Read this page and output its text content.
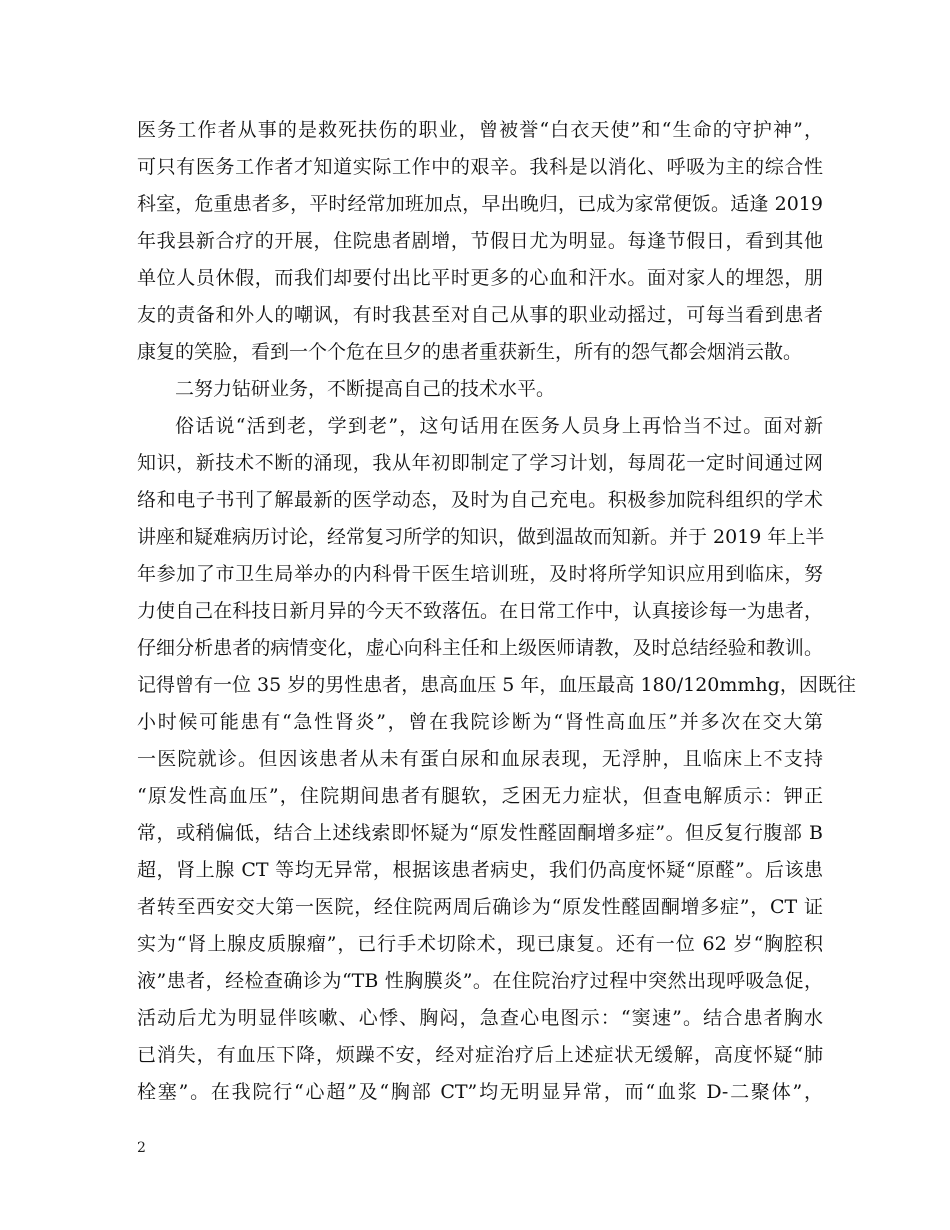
医务工作者从事的是救死扶伤的职业，曾被誉“白衣天使”和“生命的守护神”，
可只有医务工作者才知道实际工作中的艰辛。我科是以消化、呼吸为主的综合性
科室，危重患者多，平时经常加班加点，早出晚归，已成为家常便饭。适逢 2019
年我县新合疗的开展，住院患者剧增，节假日尤为明显。每逢节假日，看到其他
单位人员休假，而我们却要付出比平时更多的心血和汗水。面对家人的埋怨，朋
友的责备和外人的嘲讽，有时我甚至对自己从事的职业动摇过，可每当看到患者
康复的笑脸，看到一个个危在旦夕的患者重获新生，所有的怨气都会烟消云散。
二努力钻研业务，不断提高自己的技术水平。
俗话说“活到老，学到老”，这句话用在医务人员身上再恰当不过。面对新
知识，新技术不断的涌现，我从年初即制定了学习计划，每周花一定时间通过网
络和电子书刊了解最新的医学动态，及时为自己充电。积极参加院科组织的学术
讲座和疑难病历讨论，经常复习所学的知识，做到温故而知新。并于 2019 年上半
年参加了市卫生局举办的内科骨干医生培训班，及时将所学知识应用到临床，努
力使自己在科技日新月异的今天不致落伍。在日常工作中，认真接诊每一为患者，
仔细分析患者的病情变化，虚心向科主任和上级医师请教，及时总结经验和教训。
记得曾有一位 35 岁的男性患者，患高血压 5 年，血压最高 180/120mmhg，因既往
小时候可能患有“急性肾炎”，曾在我院诊断为“肾性高血压”并多次在交大第
一医院就诊。但因该患者从未有蛋白尿和血尿表现，无浮肿，且临床上不支持
“原发性高血压”，住院期间患者有腿软，乏困无力症状，但查电解质示：钾正
常，或稍偏低，结合上述线索即怀疑为“原发性醛固酮增多症”。但反复行腹部 B
超，肾上腺 CT 等均无异常，根据该患者病史，我们仍高度怀疑“原醛”。后该患
者转至西安交大第一医院，经住院两周后确诊为“原发性醛固酮增多症”，CT 证
实为“肾上腺皮质腺瘤”，已行手术切除术，现已康复。还有一位 62 岁“胸腔积
液”患者，经检查确诊为“TB 性胸膜炎”。在住院治疗过程中突然出现呼吸急促，
活动后尤为明显伴咳嗽、心悸、胸闷，急查心电图示：“窦速”。结合患者胸水
已消失，有血压下降，烦躁不安，经对症治疗后上述症状无缓解，高度怀疑“肺
栓塞”。在我院行“心超”及“胸部 CT”均无明显异常，而“血浆 D-二聚体”，
2
